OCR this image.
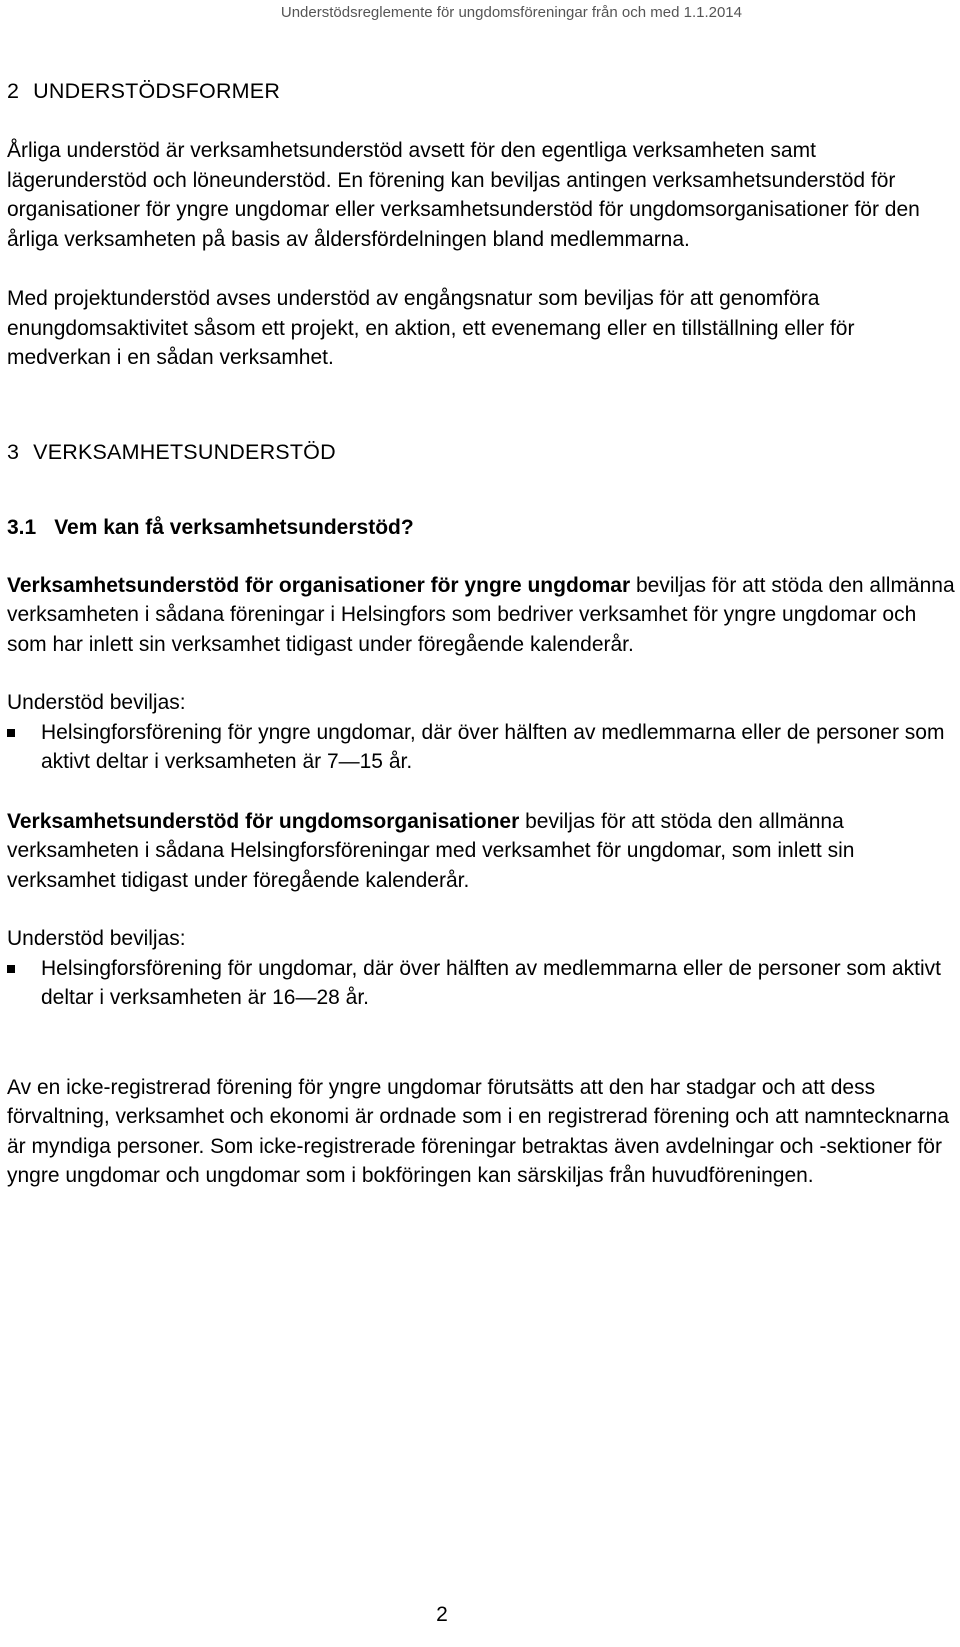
Understödsreglemente för ungdomsföreningar från och med 1.1.2014
2 UNDERSTÖDSFORMER

Årliga understöd är verksamhetsunderstöd avsett för den egentliga verksamheten samt lägerunderstöd och löneunderstöd. En förening kan beviljas antingen verksamhetsunderstöd för organisationer för yngre ungdomar eller verksamhetsunderstöd för ungdomsorganisationer för den årliga verksamheten på basis av åldersfördelningen bland medlemmarna.

Med projektunderstöd avses understöd av engångsnatur som beviljas för att genomföra enungdomsaktivitet såsom ett projekt, en aktion, ett evenemang eller en tillställning eller för medverkan i en sådan verksamhet.

3 VERKSAMHETSUNDERSTÖD
3.1 Vem kan få verksamhetsunderstöd?

Verksamhetsunderstöd för organisationer för yngre ungdomar beviljas för att stöda den allmänna verksamheten i sådana föreningar i Helsingfors som bedriver verksamhet för yngre ungdomar och som har inlett sin verksamhet tidigast under föregående kalenderår.

Understöd beviljas:

Helsingforsförening för yngre ungdomar, där över hälften av medlemmarna eller de personer som aktivt deltar i verksamheten är 7—15 år.

Verksamhetsunderstöd för ungdomsorganisationer beviljas för att stöda den allmänna verksamheten i sådana Helsingforsföreningar med verksamhet för ungdomar, som inlett sin verksamhet tidigast under föregående kalenderår.

Understöd beviljas:

Helsingforsförening för ungdomar, där över hälften av medlemmarna eller de personer som aktivt deltar i verksamheten är 16—28 år.

Av en icke-registrerad förening för yngre ungdomar förutsätts att den har stadgar och att dess förvaltning, verksamhet och ekonomi är ordnade som i en registrerad förening och att namntecknarna är myndiga personer. Som icke-registrerade föreningar betraktas även avdelningar och -sektioner för yngre ungdomar och ungdomar som i bokföringen kan särskiljas från huvudföreningen.

2
